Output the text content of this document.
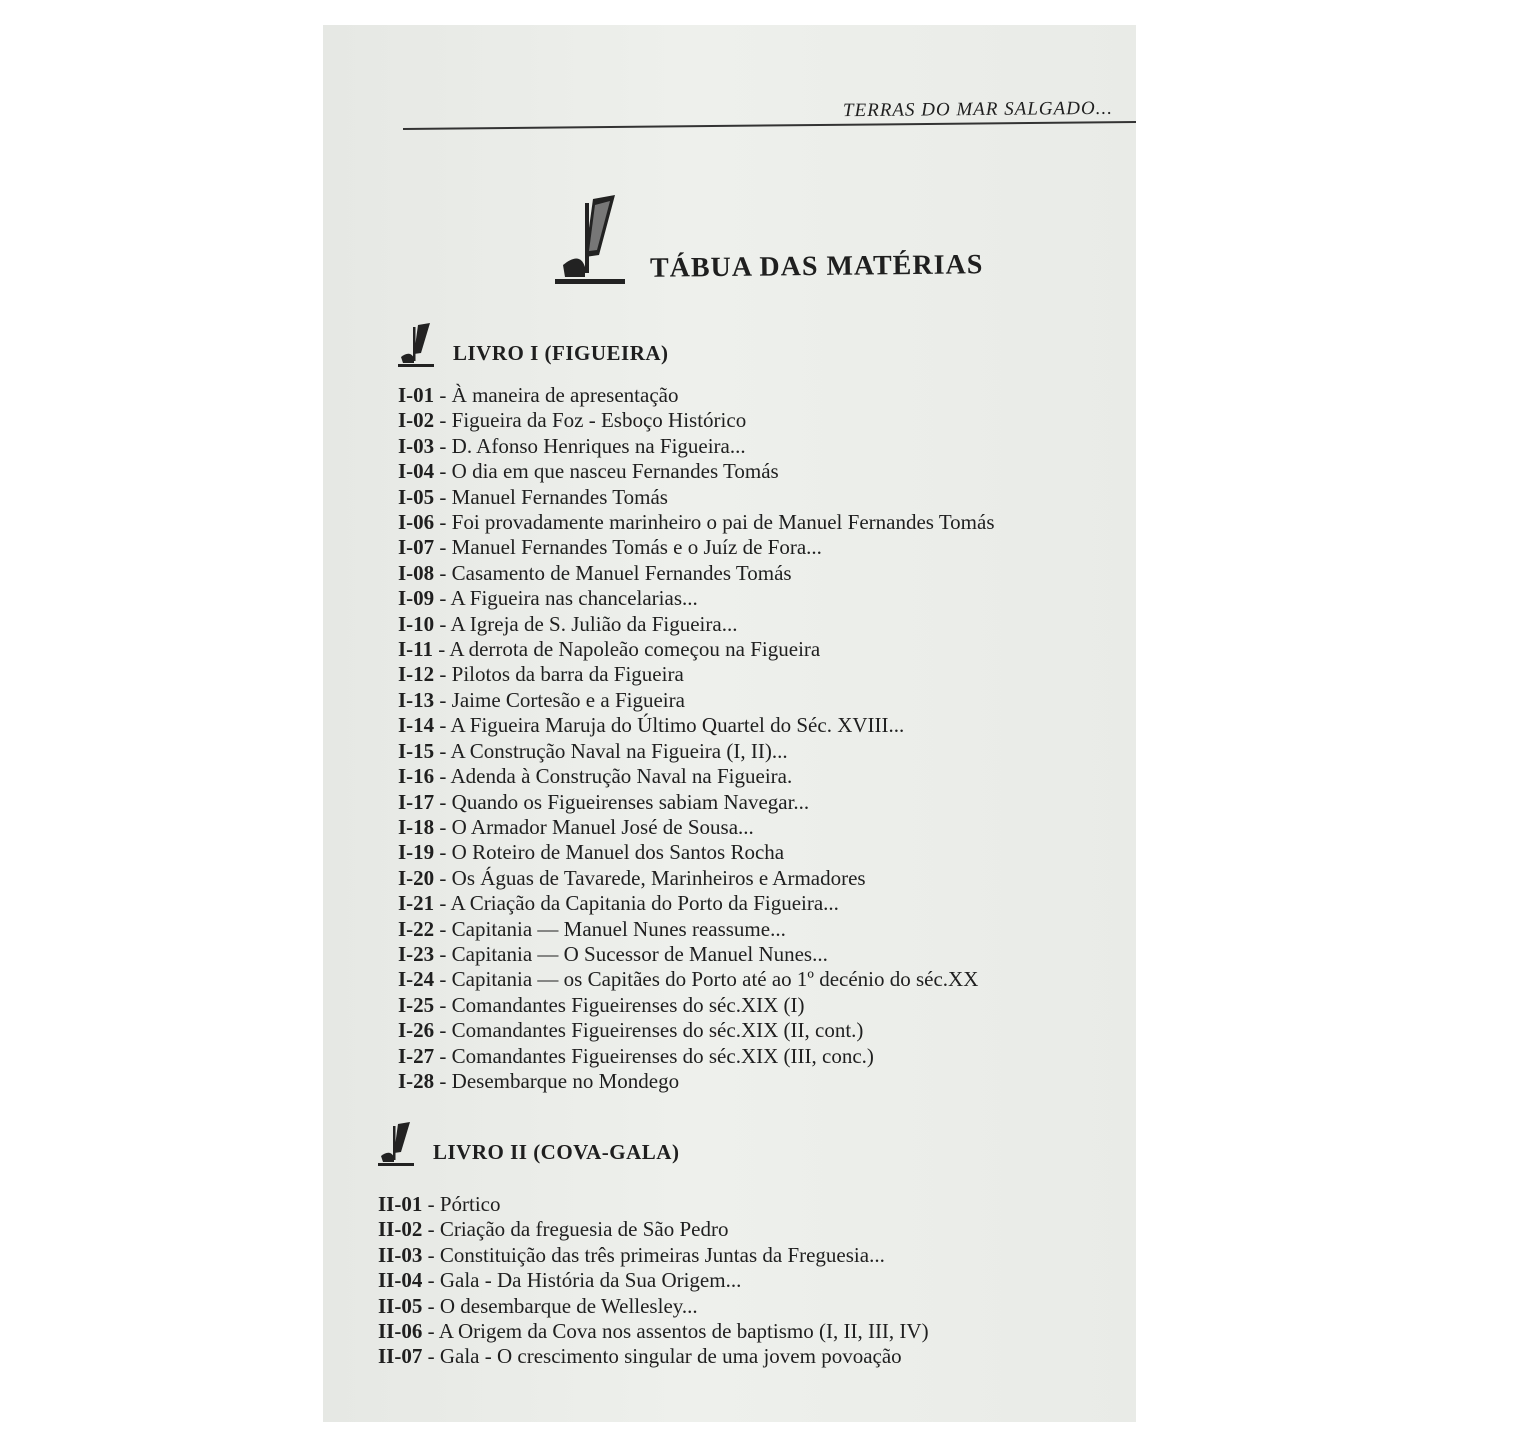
TERRAS DO MAR SALGADO...
TÁBUA DAS MATÉRIAS
LIVRO I (FIGUEIRA)
I-01 - À maneira de apresentação
I-02 - Figueira da Foz - Esboço Histórico
I-03 - D. Afonso Henriques na Figueira...
I-04 - O dia em que nasceu Fernandes Tomás
I-05 - Manuel Fernandes Tomás
I-06 - Foi provadamente marinheiro o pai de Manuel Fernandes Tomás
I-07 - Manuel Fernandes Tomás e o Juíz de Fora...
I-08 - Casamento de Manuel Fernandes Tomás
I-09 - A Figueira nas chancelarias...
I-10 - A Igreja de S. Julião da Figueira...
I-11 - A derrota de Napoleão começou na Figueira
I-12 - Pilotos da barra da Figueira
I-13 - Jaime Cortesão e a Figueira
I-14 - A Figueira Maruja do Último Quartel do Séc. XVIII...
I-15 - A Construção Naval na Figueira (I, II)...
I-16 - Adenda à Construção Naval na Figueira.
I-17 - Quando os Figueirenses sabiam Navegar...
I-18 - O Armador Manuel José de Sousa...
I-19 - O Roteiro de Manuel dos Santos Rocha
I-20 - Os Águas de Tavarede, Marinheiros e Armadores
I-21 - A Criação da Capitania do Porto da Figueira...
I-22 - Capitania — Manuel Nunes reassume...
I-23 - Capitania — O Sucessor de Manuel Nunes...
I-24 - Capitania — os Capitães do Porto até ao 1º decénio do séc.XX
I-25 - Comandantes Figueirenses do séc.XIX (I)
I-26 - Comandantes Figueirenses do séc.XIX (II, cont.)
I-27 - Comandantes Figueirenses do séc.XIX (III, conc.)
I-28 - Desembarque no Mondego
LIVRO II (COVA-GALA)
II-01 - Pórtico
II-02 - Criação da freguesia de São Pedro
II-03 - Constituição das três primeiras Juntas da Freguesia...
II-04 - Gala - Da História da Sua Origem...
II-05 - O desembarque de Wellesley...
II-06 - A Origem da Cova nos assentos de baptismo (I, II, III, IV)
II-07 - Gala - O crescimento singular de uma jovem povoação
